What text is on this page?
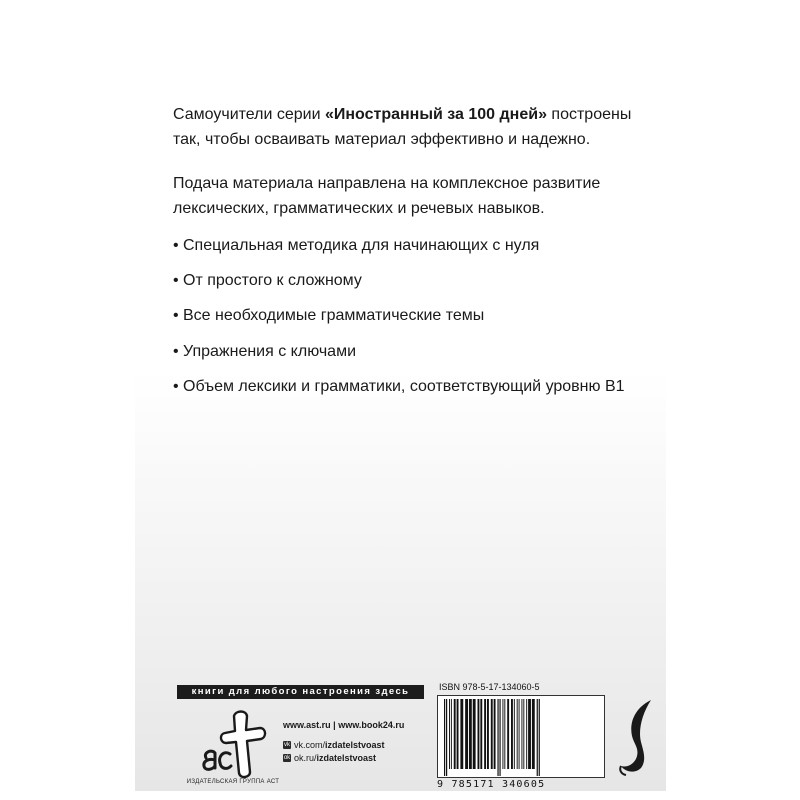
Самоучители серии «Иностранный за 100 дней» построены так, чтобы осваивать материал эффективно и надежно.

Подача материала направлена на комплексное развитие лексических, грамматических и речевых навыков.

• Специальная методика для начинающих с нуля
• От простого к сложному
• Все необходимые грамматические темы
• Упражнения с ключами
• Объем лексики и грамматики, соответствующий уровню B1
книги для любого настроения здесь
ИЗДАТЕЛЬСКАЯ ГРУППА АСТ
www.ast.ru | www.book24.ru
vk vk.com/ izdatelstvoast
ok ok.ru/ izdatelstvoast
ISBN 978-5-17-134060-5
9 785171 340605
